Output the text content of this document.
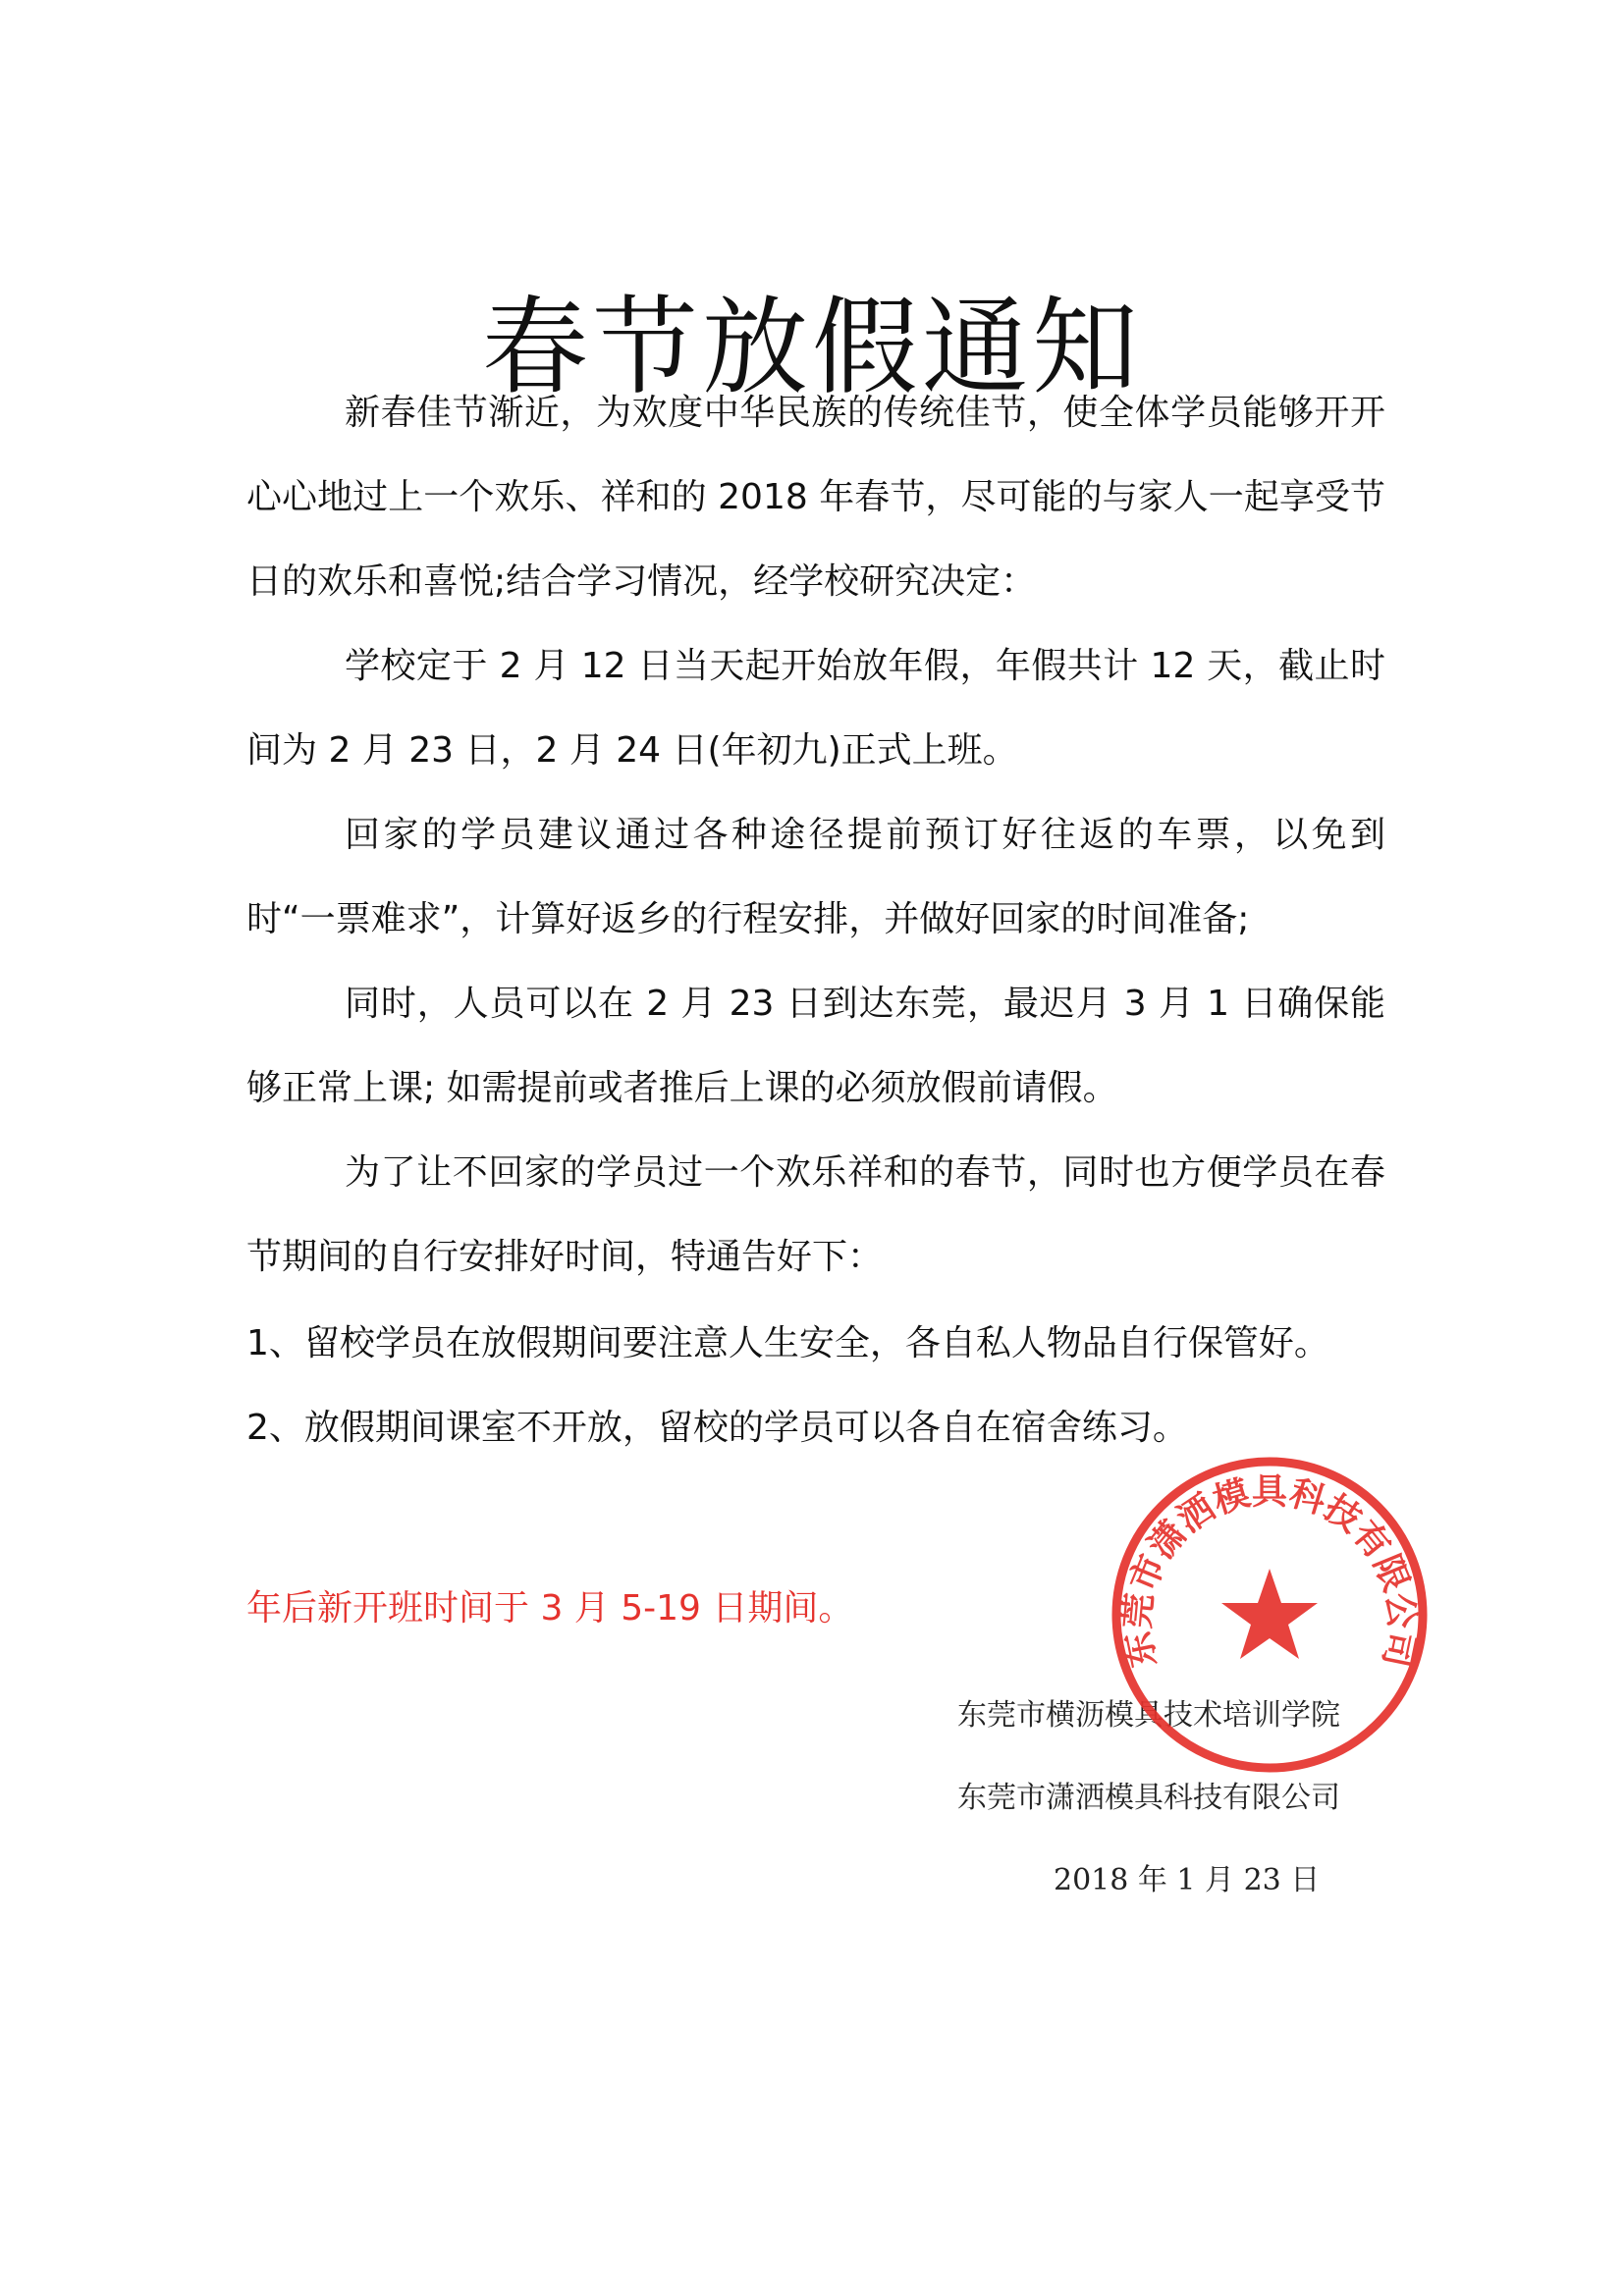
春节放假通知

新春佳节渐近，为欢度中华民族的传统佳节，使全体学员能够开开心心地过上一个欢乐、祥和的 2018 年春节，尽可能的与家人一起享受节日的欢乐和喜悦;结合学习情况，经学校研究决定：

学校定于 2 月 12 日当天起开始放年假，年假共计 12 天，截止时间为 2 月 23 日，2 月 24 日(年初九)正式上班。

回家的学员建议通过各种途径提前预订好往返的车票，以免到时“一票难求”，计算好返乡的行程安排，并做好回家的时间准备;

同时，人员可以在 2 月 23 日到达东莞，最迟月 3 月 1 日确保能够正常上课; 如需提前或者推后上课的必须放假前请假。

为了让不回家的学员过一个欢乐祥和的春节，同时也方便学员在春节期间的自行安排好时间，特通告好下：

1、留校学员在放假期间要注意人生安全，各自私人物品自行保管好。

2、放假期间课室不开放，留校的学员可以各自在宿舍练习。

年后新开班时间于 3 月 5-19 日期间。

东莞市横沥模具技术培训学院
东莞市潇洒模具科技有限公司
2018 年 1 月 23 日
东莞市潇洒模具科技有限公司
